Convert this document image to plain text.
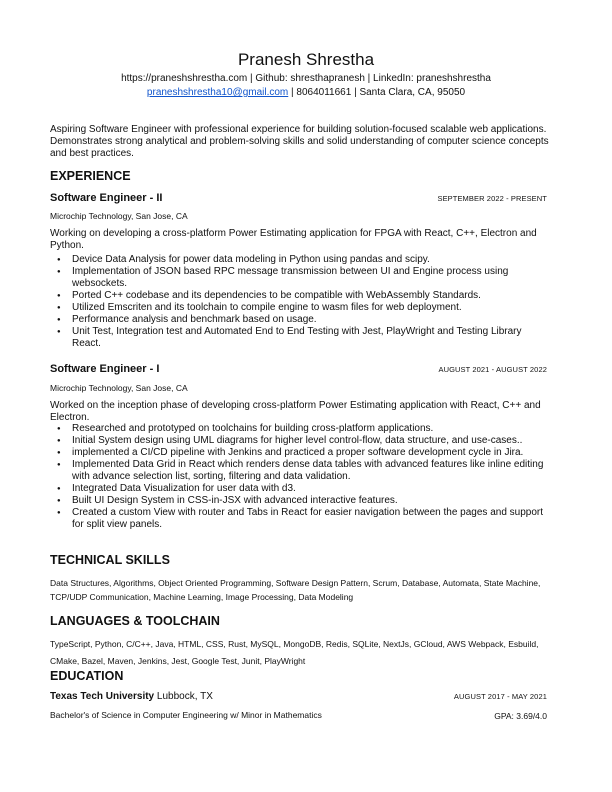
Pranesh Shrestha
https://praneshshrestha.com | Github: shresthapranesh | LinkedIn: praneshshrestha
praneshshrestha10@gmail.com | 8064011661 | Santa Clara, CA, 95050
Aspiring Software Engineer with professional experience for building solution-focused scalable web applications. Demonstrates strong analytical and problem-solving skills and solid understanding of computer science concepts and best practices.
EXPERIENCE
Software Engineer - II	SEPTEMBER 2022 - PRESENT
Microchip Technology, San Jose, CA
Working on developing a cross-platform Power Estimating application for FPGA with React, C++, Electron and Python.
● Device Data Analysis for power data modeling in Python using pandas and scipy.
● Implementation of JSON based RPC message transmission between UI and Engine process using websockets.
● Ported C++ codebase and its dependencies to be compatible with WebAssembly Standards.
● Utilized Emscriten and its toolchain to compile engine to wasm files for web deployment.
● Performance analysis and benchmark based on usage.
● Unit Test, Integration test and Automated End to End Testing with Jest, PlayWright and Testing Library React.
Software Engineer - I	AUGUST 2021 - AUGUST 2022
Microchip Technology, San Jose, CA
Worked on the inception phase of developing cross-platform Power Estimating application with React, C++ and Electron.
● Researched and prototyped on toolchains for building cross-platform applications.
● Initial System design using UML diagrams for higher level control-flow, data structure, and use-cases..
● implemented a CI/CD pipeline with Jenkins and practiced a proper software development cycle in Jira.
● Implemented Data Grid in React which renders dense data tables with advanced features like inline editing with advance selection list, sorting, filtering and data validation.
● Integrated Data Visualization for user data with d3.
● Built UI Design System in CSS-in-JSX with advanced interactive features.
● Created a custom View with router and Tabs in React for easier navigation between the pages and support for split view panels.
TECHNICAL SKILLS
Data Structures, Algorithms, Object Oriented Programming, Software Design Pattern, Scrum, Database, Automata, State Machine, TCP/UDP Communication, Machine Learning, Image Processing, Data Modeling
LANGUAGES & TOOLCHAIN
TypeScript, Python, C/C++, Java, HTML, CSS, Rust, MySQL, MongoDB, Redis, SQLite, NextJs, GCloud, AWS Webpack, Esbuild, CMake, Bazel, Maven, Jenkins, Jest, Google Test, Junit, PlayWright
EDUCATION
Texas Tech University Lubbock, TX	AUGUST 2017 - MAY 2021
Bachelor's of Science in Computer Engineering w/ Minor in Mathematics	GPA: 3.69/4.0
